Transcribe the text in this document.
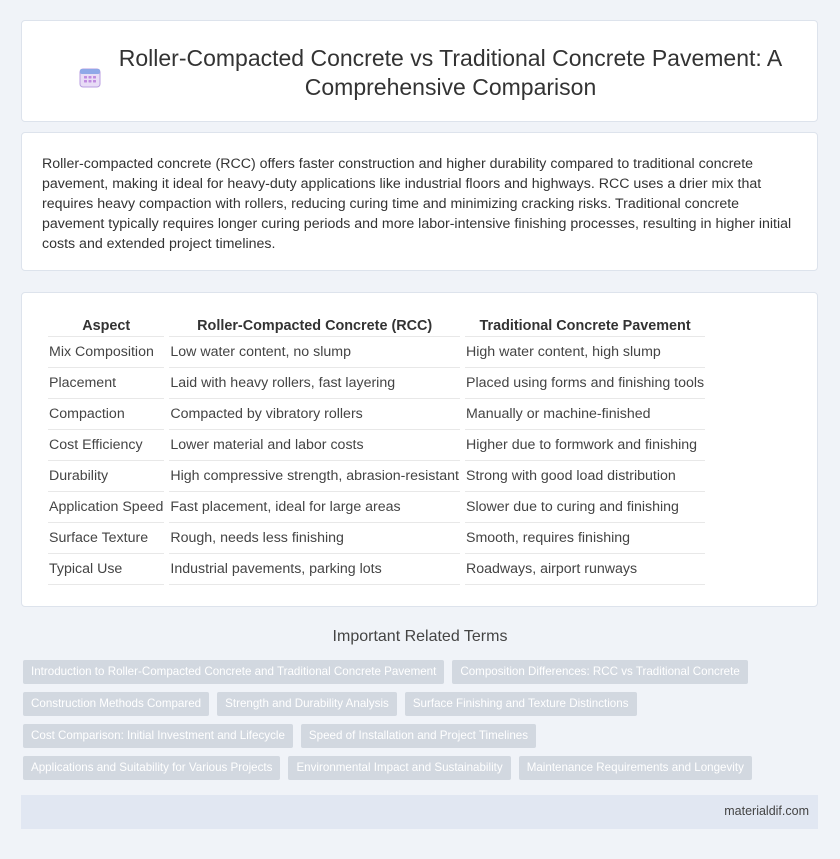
Roller-Compacted Concrete vs Traditional Concrete Pavement: A Comprehensive Comparison

Roller-compacted concrete (RCC) offers faster construction and higher durability compared to traditional concrete pavement, making it ideal for heavy-duty applications like industrial floors and highways. RCC uses a drier mix that requires heavy compaction with rollers, reducing curing time and minimizing cracking risks. Traditional concrete pavement typically requires longer curing periods and more labor-intensive finishing processes, resulting in higher initial costs and extended project timelines.

Aspect	Roller-Compacted Concrete (RCC)	Traditional Concrete Pavement
Mix Composition	Low water content, no slump	High water content, high slump
Placement	Laid with heavy rollers, fast layering	Placed using forms and finishing tools
Compaction	Compacted by vibratory rollers	Manually or machine-finished
Cost Efficiency	Lower material and labor costs	Higher due to formwork and finishing
Durability	High compressive strength, abrasion-resistant	Strong with good load distribution
Application Speed	Fast placement, ideal for large areas	Slower due to curing and finishing
Surface Texture	Rough, needs less finishing	Smooth, requires finishing
Typical Use	Industrial pavements, parking lots	Roadways, airport runways
Important Related Terms
Introduction to Roller-Compacted Concrete and Traditional Concrete Pavement	Composition Differences: RCC vs Traditional Concrete
Construction Methods Compared	Strength and Durability Analysis	Surface Finishing and Texture Distinctions
Cost Comparison: Initial Investment and Lifecycle	Speed of Installation and Project Timelines
Applications and Suitability for Various Projects	Environmental Impact and Sustainability	Maintenance Requirements and Longevity
materialdif.com
